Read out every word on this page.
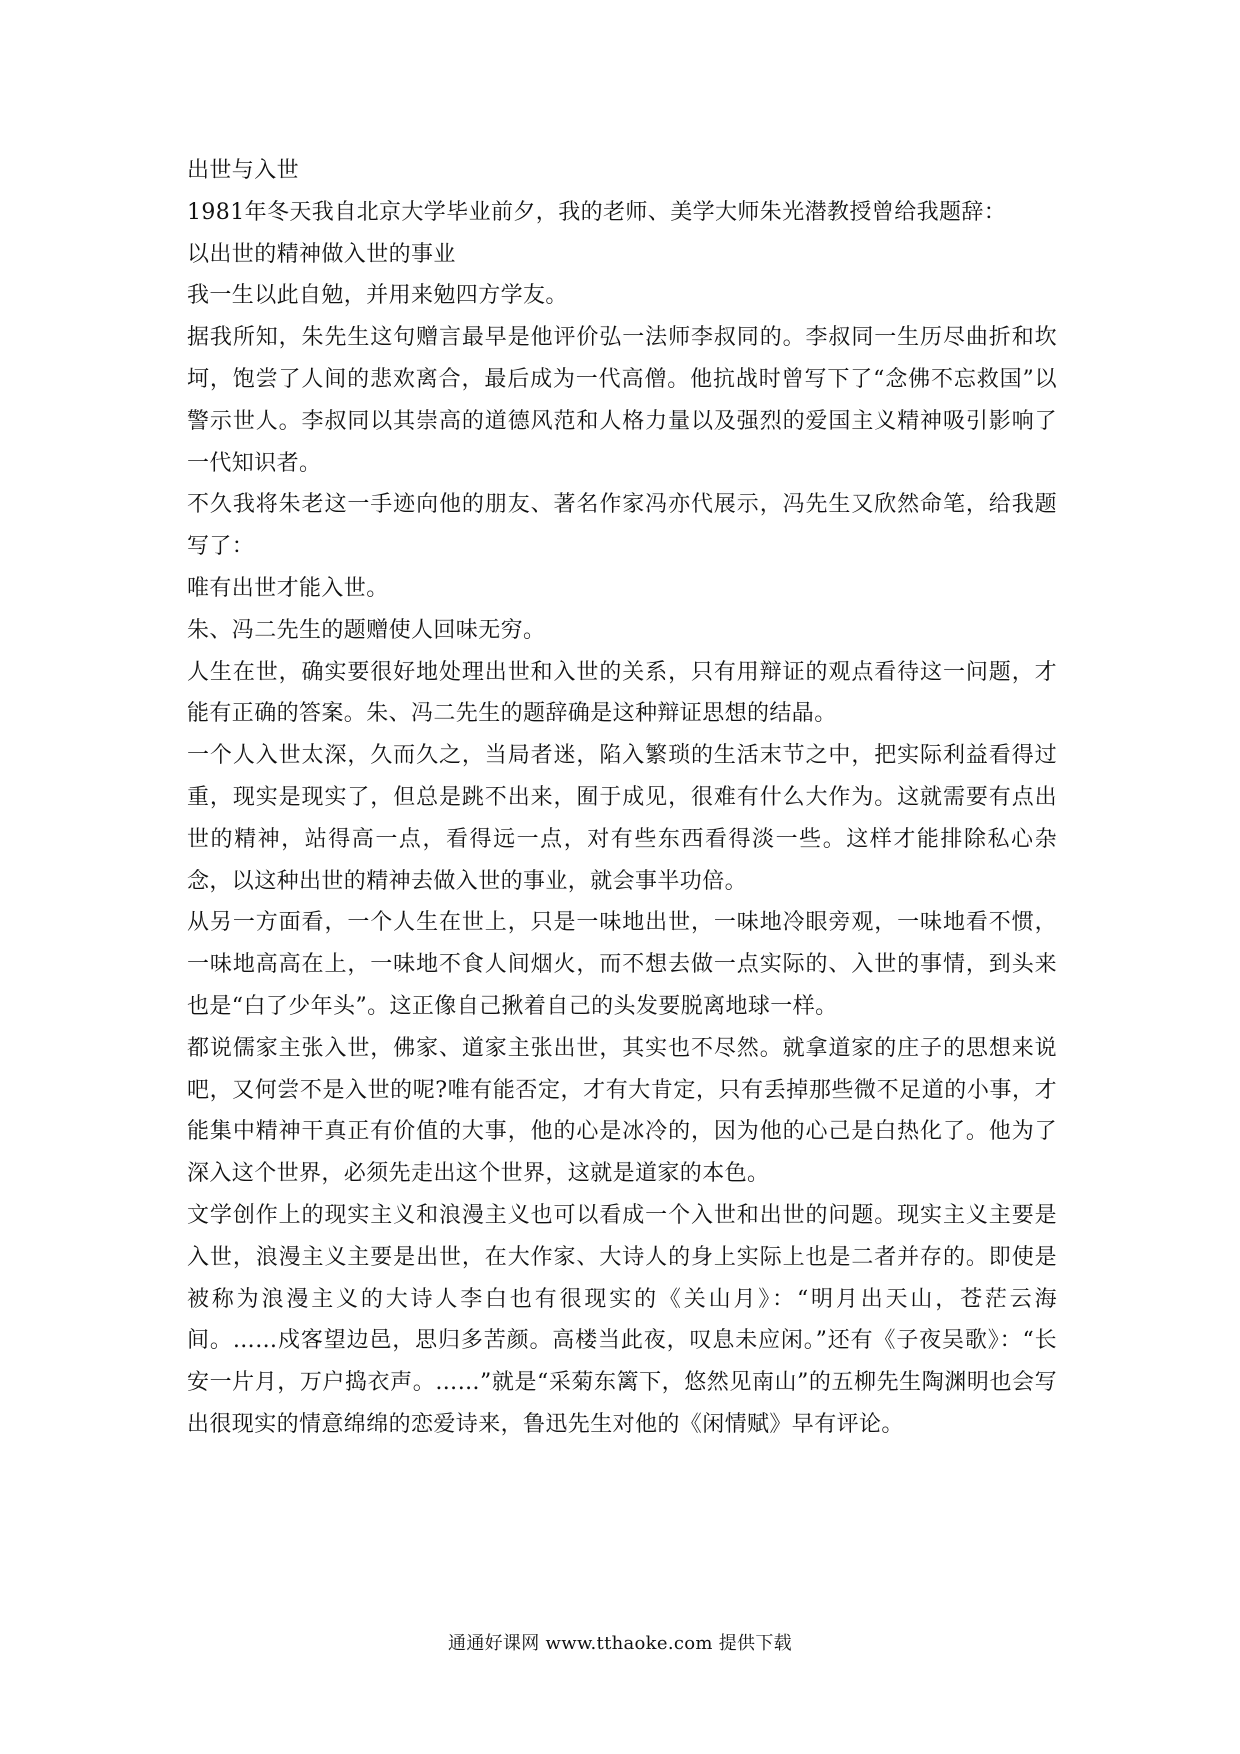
出世与入世

1981年冬天我自北京大学毕业前夕，我的老师、美学大师朱光潜教授曾给我题辞：

以出世的精神做入世的事业

我一生以此自勉，并用来勉四方学友。

据我所知，朱先生这句赠言最早是他评价弘一法师李叔同的。李叔同一生历尽曲折和坎坷，饱尝了人间的悲欢离合，最后成为一代高僧。他抗战时曾写下了“念佛不忘救国”以警示世人。李叔同以其崇高的道德风范和人格力量以及强烈的爱国主义精神吸引影响了一代知识者。

不久我将朱老这一手迹向他的朋友、著名作家冯亦代展示，冯先生又欣然命笔，给我题写了：

唯有出世才能入世。

朱、冯二先生的题赠使人回味无穷。

人生在世，确实要很好地处理出世和入世的关系，只有用辩证的观点看待这一问题，才能有正确的答案。朱、冯二先生的题辞确是这种辩证思想的结晶。

一个人入世太深，久而久之，当局者迷，陷入繁琐的生活末节之中，把实际利益看得过重，现实是现实了，但总是跳不出来，囿于成见，很难有什么大作为。这就需要有点出世的精神，站得高一点，看得远一点，对有些东西看得淡一些。这样才能排除私心杂念，以这种出世的精神去做入世的事业，就会事半功倍。

从另一方面看，一个人生在世上，只是一味地出世，一味地冷眼旁观，一味地看不惯，一味地高高在上，一味地不食人间烟火，而不想去做一点实际的、入世的事情，到头来也是“白了少年头”。这正像自己揪着自己的头发要脱离地球一样。

都说儒家主张入世，佛家、道家主张出世，其实也不尽然。就拿道家的庄子的思想来说吧，又何尝不是入世的呢?唯有能否定，才有大肯定，只有丢掉那些微不足道的小事，才能集中精神干真正有价值的大事，他的心是冰冷的，因为他的心己是白热化了。他为了深入这个世界，必须先走出这个世界，这就是道家的本色。

文学创作上的现实主义和浪漫主义也可以看成一个入世和出世的问题。现实主义主要是入世，浪漫主义主要是出世，在大作家、大诗人的身上实际上也是二者并存的。即使是被称为浪漫主义的大诗人李白也有很现实的《关山月》：“明月出天山，苍茫云海间。……戍客望边邑，思归多苦颜。高楼当此夜，叹息未应闲。”还有《子夜吴歌》：“长安一片月，万户捣衣声。……”就是“采菊东篱下，悠然见南山”的五柳先生陶渊明也会写出很现实的情意绵绵的恋爱诗来，鲁迅先生对他的《闲情赋》早有评论。

通通好课网 www.tthaoke.com 提供下载
